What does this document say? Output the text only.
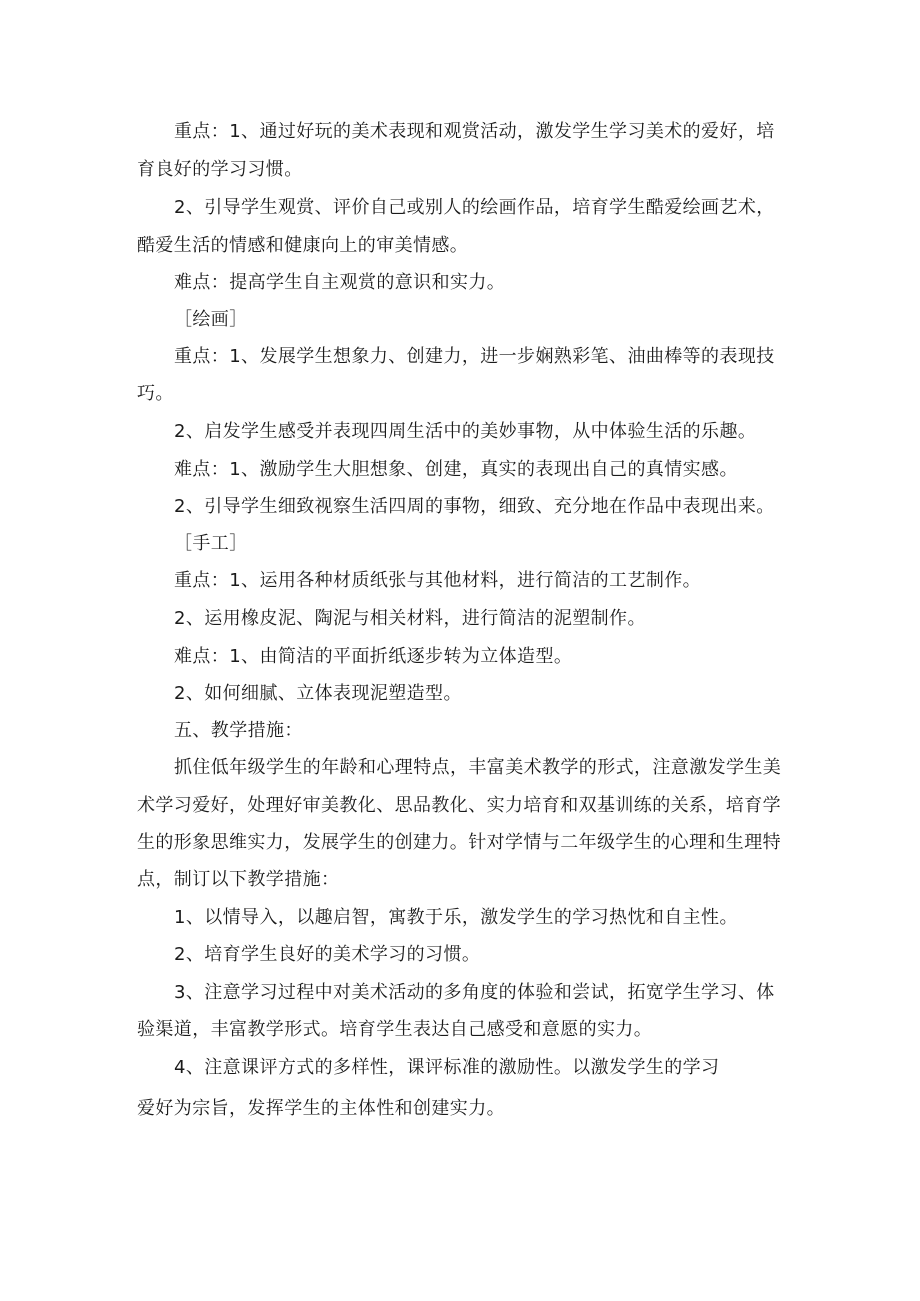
重点：1、通过好玩的美术表现和观赏活动，激发学生学习美术的爱好，培
育良好的学习习惯。
2、引导学生观赏、评价自己或别人的绘画作品，培育学生酷爱绘画艺术，
酷爱生活的情感和健康向上的审美情感。
难点：提高学生自主观赏的意识和实力。
［绘画］
重点：1、发展学生想象力、创建力，进一步娴熟彩笔、油曲棒等的表现技
巧。
2、启发学生感受并表现四周生活中的美妙事物，从中体验生活的乐趣。
难点：1、激励学生大胆想象、创建，真实的表现出自己的真情实感。
2、引导学生细致视察生活四周的事物，细致、充分地在作品中表现出来。
［手工］
重点：1、运用各种材质纸张与其他材料，进行简洁的工艺制作。
2、运用橡皮泥、陶泥与相关材料，进行简洁的泥塑制作。
难点：1、由简洁的平面折纸逐步转为立体造型。
2、如何细腻、立体表现泥塑造型。
五、教学措施：
抓住低年级学生的年龄和心理特点，丰富美术教学的形式，注意激发学生美
术学习爱好，处理好审美教化、思品教化、实力培育和双基训练的关系，培育学
生的形象思维实力，发展学生的创建力。针对学情与二年级学生的心理和生理特
点，制订以下教学措施：
1、以情导入，以趣启智，寓教于乐，激发学生的学习热忱和自主性。
2、培育学生良好的美术学习的习惯。
3、注意学习过程中对美术活动的多角度的体验和尝试，拓宽学生学习、体
验渠道，丰富教学形式。培育学生表达自己感受和意愿的实力。
4、注意课评方式的多样性，课评标准的激励性。以激发学生的学习
爱好为宗旨，发挥学生的主体性和创建实力。
